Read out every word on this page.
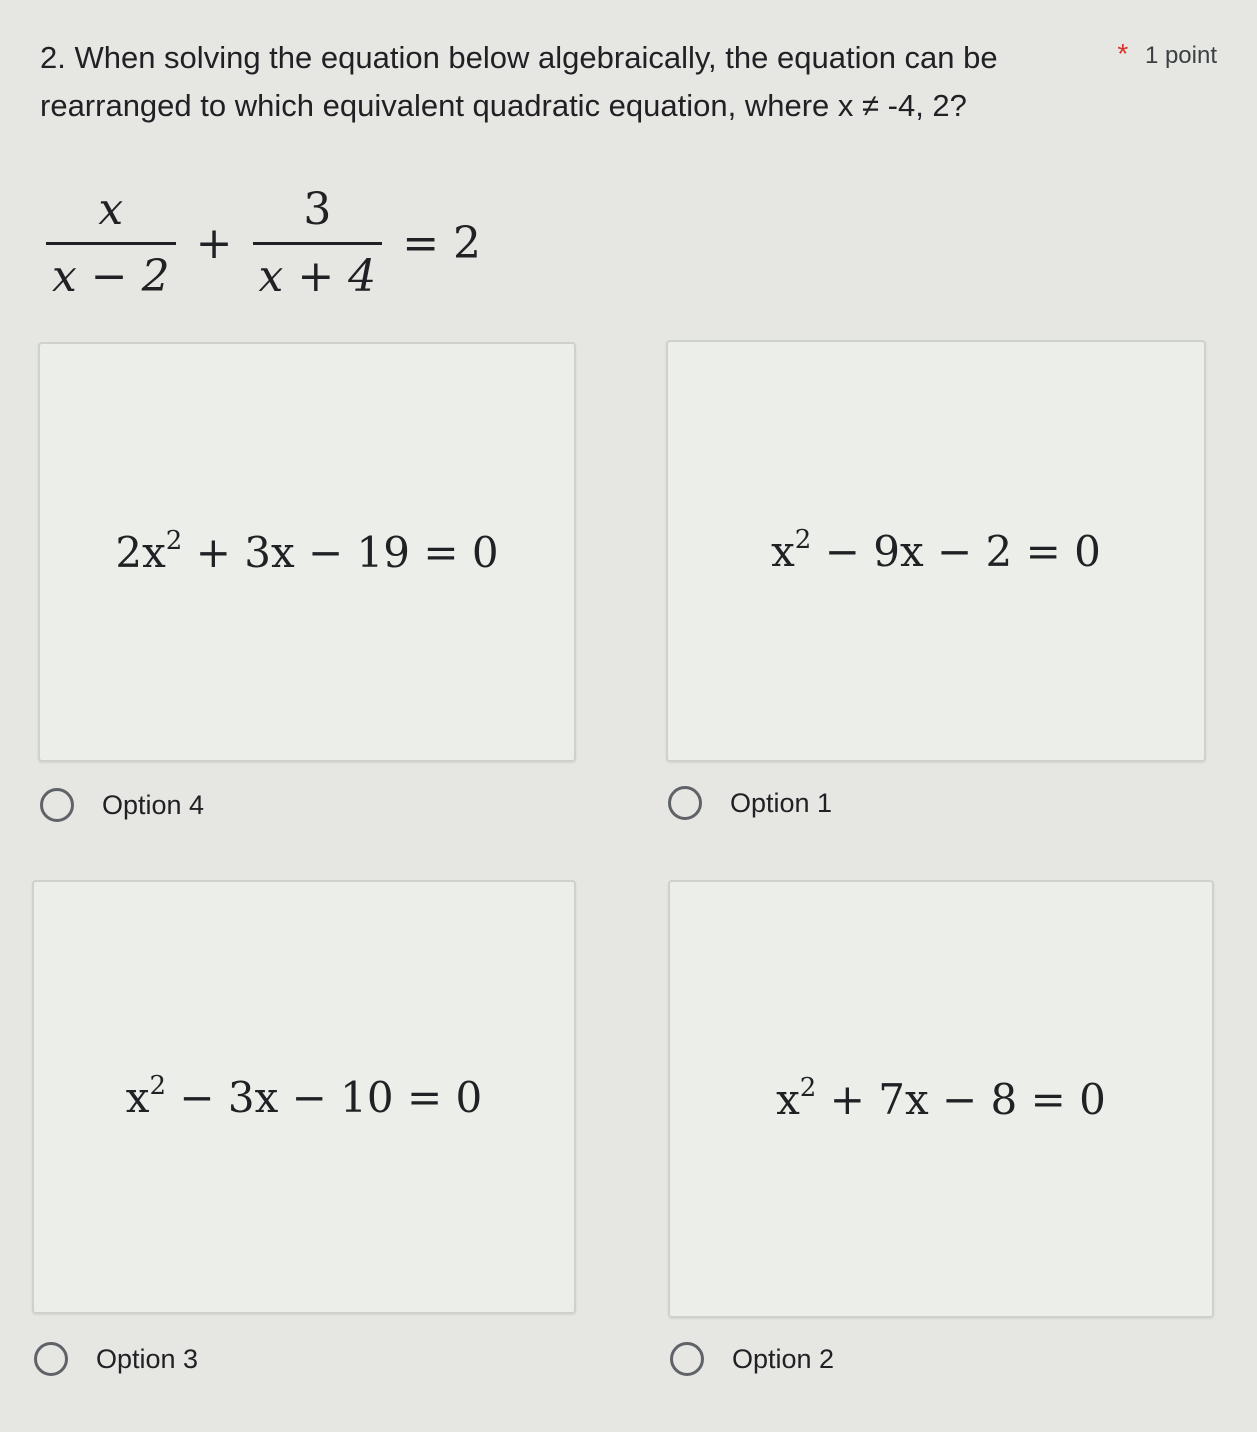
2. When solving the equation below algebraically, the equation can be rearranged to which equivalent quadratic equation, where x ≠ -4, 2?
* 1 point
$\frac{x}{x - 2} + \frac{3}{x + 4} = 2$
$2x^2 + 3x - 19 = 0$
Option 4
$x^2 - 9x - 2 = 0$
Option 1
$x^2 - 3x - 10 = 0$
Option 3
$x^2 + 7x - 8 = 0$
Option 2
